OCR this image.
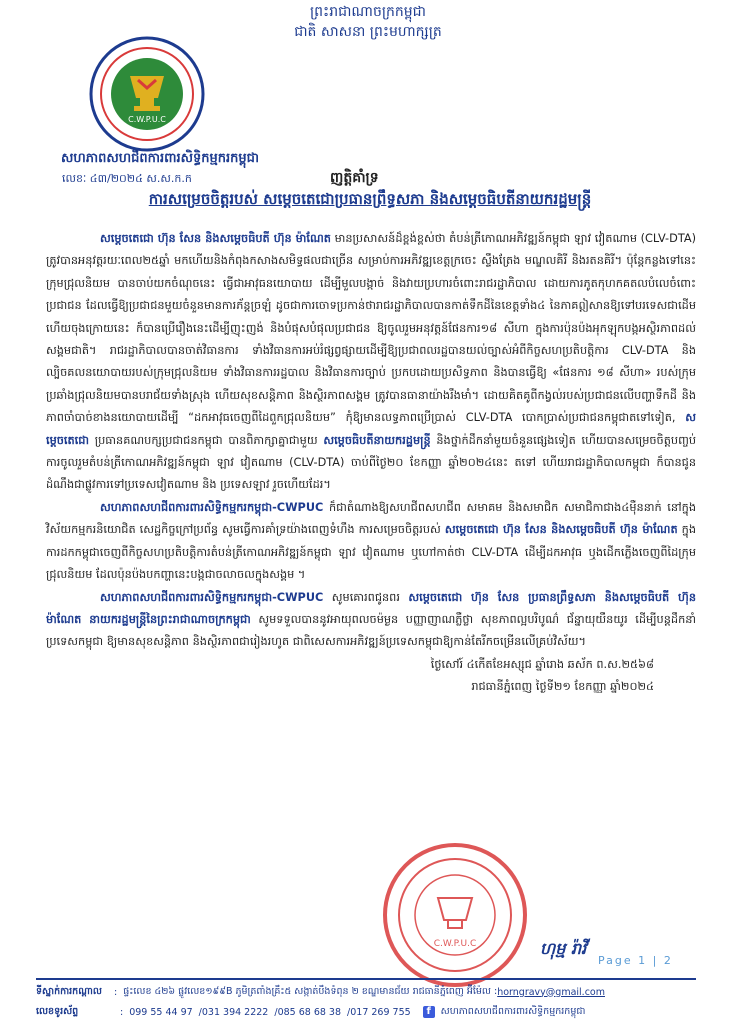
C.W.P.U.C
សហភាពសហជីពការពារសិទ្ធិកម្មករកម្ពុជា
ព្រះរាជាណាចក្រកម្ពុជា
ជាតិ សាសនា ព្រះមហាក្សត្រ
លេខៈ ៤៣/២០២៤ ស.ស.ក.ក	ញត្តិគាំទ្រ
ការសម្រេចចិត្តរបស់ សម្តេចតេជោប្រធានព្រឹទ្ធសភា និងសម្តេចធិបតីនាយករដ្ឋមន្ត្រី

សម្តេចតេជោ ហ៊ុន សែន និងសម្តេចធិបតី ហ៊ុន ម៉ាណែត មានប្រសាសន៍ដ៏ខ្ពង់ខ្ពស់ថា តំបន់ត្រីកោណអភិវឌ្ឍន៍កម្ពុជា ឡាវ វៀតណាម (CLV-DTA) ត្រូវបានអនុវត្តរយៈពេល២៥ឆ្នាំ មកហើយនិងកំពុងកសាងសមិទ្ធផលជាច្រើន សម្រាប់ការអភិវឌ្ឍខេត្តក្រចេះ ស្ទឹងត្រែង មណ្ឌលគិរី និងរតនគិរី។ ប៉ុន្តែកន្លងទៅនេះ ក្រុមជ្រុលនិយម បានចាប់យកចំណុចនេះ ធ្វើជាអាវុធនយោបាយ ដើម្បីមួលបង្កាច់ និងវាយប្រហារចំពោះរាជរដ្ឋាភិបាល ដោយការភូតកុហកគតលបំលេចំពោះប្រជាជន ដែលធ្វើឱ្យប្រជាជនមួយចំនួនមានការភ័ន្តច្រឡំ ដូចជាការចោទប្រកាន់ថារាជរដ្ឋាភិបាលបានកាត់ទឹកដីនៃខេត្តទាំង៤ នៃភាគឦសានឱ្យទៅបរទេសជាដើម ហើយចុងក្រោយនេះ ក៏បានប្រើរឿងនេះដើម្បីញុះញង់ និងបំផុសបំផុលប្រជាជន ឱ្យចូលរួមអនុវត្តន៍ផែនការ១៨ សីហា ក្នុងការប៉ុនប៉ងអុកឡុកបង្កអស្ថិរភាពដល់សង្គមជាតិ។ រាជរដ្ឋាភិបាលបានចាត់វិធានការ ទាំងវិធានការអប់រំផ្សព្វផ្សាយដើម្បីឱ្យប្រជាពលរដ្ឋបានយល់ច្បាស់អំពីកិច្ចសហប្រតិបត្តិការ CLV-DTA និងល្បិចគលនយោបាយរបស់ក្រុមជ្រុលនិយម ទាំងវិធានការរដ្ឋបាល និងវិធានការច្បាប់ ប្រកបដោយប្រសិទ្ធភាព និងបានធ្វើឱ្យ «ផែនការ ១៨ សីហា» របស់ក្រុមប្រឆាំងជ្រុលនិយមបានបរាជ័យទាំងស្រុង ហើយសុខសន្តិភាព និងស្ថិរភាពសង្គម ត្រូវបានធានាយ៉ាងរឹងមាំ។ ដោយគិតគូពីកង្វល់របស់ប្រជាជនលើបញ្ហាទឹកដី និងភាពចាំបាច់ខាងនយោបាយដើម្បី “ដកអាវុធចេញពីដៃពួកជ្រុលនិយម” កុំឱ្យមានលទ្ធភាពប្រើប្រាស់ CLV-DTA បោកប្រាស់ប្រជាជនកម្ពុជាតទៅទៀត, សម្តេចតេជោ ប្រធានគណបក្សប្រជាជនកម្ពុជា បានពិភាក្សាគ្នាជាមួយ សម្តេចធិបតីនាយករដ្ឋមន្ត្រី និងថ្នាក់ដឹកនាំមួយចំនួនផ្សេងទៀត ហើយបានសម្រេចចិត្តបញ្ចប់ការចូលរួមតំបន់ត្រីកោណអភិវឌ្ឍន៍កម្ពុជា ឡាវ វៀតណាម (CLV-DTA) ចាប់ពីថ្ងៃ២០ ខែកញ្ញា ឆ្នាំ២០២៤នេះ តទៅ ហើយរាជរដ្ឋាភិបាលកម្ពុជា ក៏បានជូនដំណឹងជាផ្លូវការទៅប្រទេសវៀតណាម និង ប្រទេសឡាវ រួចហើយដែរ។

សហភាពសហជីពការពារសិទ្ធិកម្មករកម្ពុជា-CWPUC ក៏ជាតំណាងឱ្យសហជីពសហជីព សមាគម និងសមាជិក សមាជិកាជាង៤ម៉ឺននាក់ នៅក្នុងវិស័យកម្មករនិយោជិត សេដ្ឋកិច្ចក្រៅប្រព័ន្ធ សូមធ្វើការគាំទ្រយ៉ាងពេញទំហឹង ការសម្រេចចិត្តរបស់ សម្តេចតេជោ ហ៊ុន សែន និងសម្តេចធិបតី ហ៊ុន ម៉ាណែត ក្នុងការដកកម្ពុជាចេញពីកិច្ចសហប្រតិបត្តិការតំបន់ត្រីកោណអភិវឌ្ឍន៍កម្ពុជា ឡាវ វៀតណាម ឬហៅកាត់ថា CLV-DTA ដើម្បីដកអាវុធ ឬងដើកភ្លើងចេញពីដៃក្រុមជ្រុលនិយម ដែលប៉ុនប៉ងបកញ្ហានេះបង្កជាចលាចលក្នុងសង្គម ។

សហភាពសហជីពការពារសិទ្ធិកម្មករកម្ពុជា-CWPUC សូមគោរពជូនពរ សម្តេចតេជោ ហ៊ុន សែន ប្រធានព្រឹទ្ធសភា និងសម្តេចធិបតី ហ៊ុន ម៉ាណែត នាយករដ្ឋមន្ត្រីនៃព្រះរាជាណាចក្រកម្ពុជា សូមទទួលបាននូវអាយុពលចម៉ម្ងន បញ្ញាញាណភ្លឺថ្លា សុខភាពល្អបរិបូណ៌ ជ័ន្នាយុយឺនយូរ ដើម្បីបន្តដឹកនាំប្រទេសកម្ពុជា ឱ្យមានសុខសន្តិភាព និងស្ថិរភាពជារៀងរហូត ជាពិសេសការអភិវឌ្ឍន៍ប្រទេសកម្ពុជាឱ្យកាន់តែរីកចម្រើនលើគ្រប់វិស័យ។

ថ្ងៃសៅរ៍ ៤កើតខែអស្សុជ ឆ្នាំរោង ឆស័ក ព.ស.២៥៦៨
រាជធានីភ្នំពេញ ថ្ងៃទី២១ ខែកញ្ញា ឆ្នាំ២០២៤
C.W.P.U.C	ហុម្ម រ៉ាវី
Page 1 | 2
ទីស្នាក់ការកណ្តាល	: ផ្ទះលេខ ៤២៦ ផ្លូវលេខ១៩៩B ភូមិត្រពាំងគ្រឹះ៥ សង្កាត់បឹងទំពុន ២ ខណ្ឌមានជ័យ រាជធានីភ្នំពេញ អ៊ីម៉ែល : horngravy@gmail.com
លេខទូរស័ព្ទ	: 099 55 44 97 / 031 394 2222 / 085 68 68 38 / 017 269 755	f	សហភាពសហជីពការពារសិទ្ធិកម្មករកម្ពុជា
